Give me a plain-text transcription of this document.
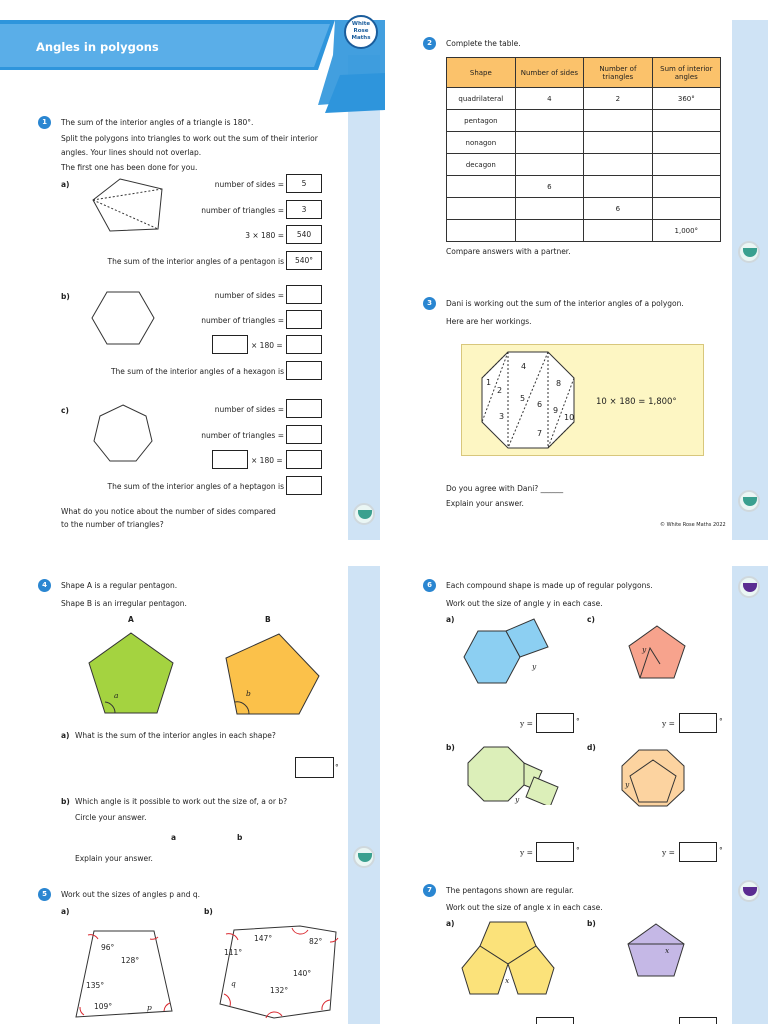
Angles in polygons
White
Rose
Maths
1	The sum of the interior angles of a triangle is 180°.
Split the polygons into triangles to work out the sum of their interior
angles. Your lines should not overlap.
The first one has been done for you.
a)	number of sides =	5
number of triangles =	3
3 × 180 =	540
The sum of the interior angles of a pentagon is	540°
b)	number of sides =
number of triangles =
× 180 =
The sum of the interior angles of a hexagon is
c)	number of sides =
number of triangles =
× 180 =
The sum of the interior angles of a heptagon is
What do you notice about the number of sides compared
to the number of triangles?
2	Complete the table.
Shape	Number of sides	Number of triangles	Sum of interior angles
quadrilateral	4	2	360°
pentagon			
nonagon			
decagon			
	6		
		6	
			1,000°
Compare answers with a partner.
3	Dani is working out the sum of the interior angles of a polygon.
Here are her workings.
1
2
3
4
5
6
7
8
9
10
10 × 180 = 1,800°
Do you agree with Dani? ______
Explain your answer.
© White Rose Maths 2022
4	Shape A is a regular pentagon.
Shape B is an irregular pentagon.
A	B
a	b
a) What is the sum of the interior angles in each shape?
°
b) Which angle is it possible to work out the size of, a or b?
Circle your answer.
a	b
Explain your answer.
5	Work out the sizes of angles p and q.
a)	b)
96°
128°
135°
109°	p
147°	82°
111°
q
140°
132°
6	Each compound shape is made up of regular polygons.
Work out the size of angle y in each case.
a)	c)
y
y
y =	°	y =	°
b)	d)
y
y
y =	°	y =	°
7	The pentagons shown are regular.
Work out the size of angle x in each case.
a)	b)
x
x
